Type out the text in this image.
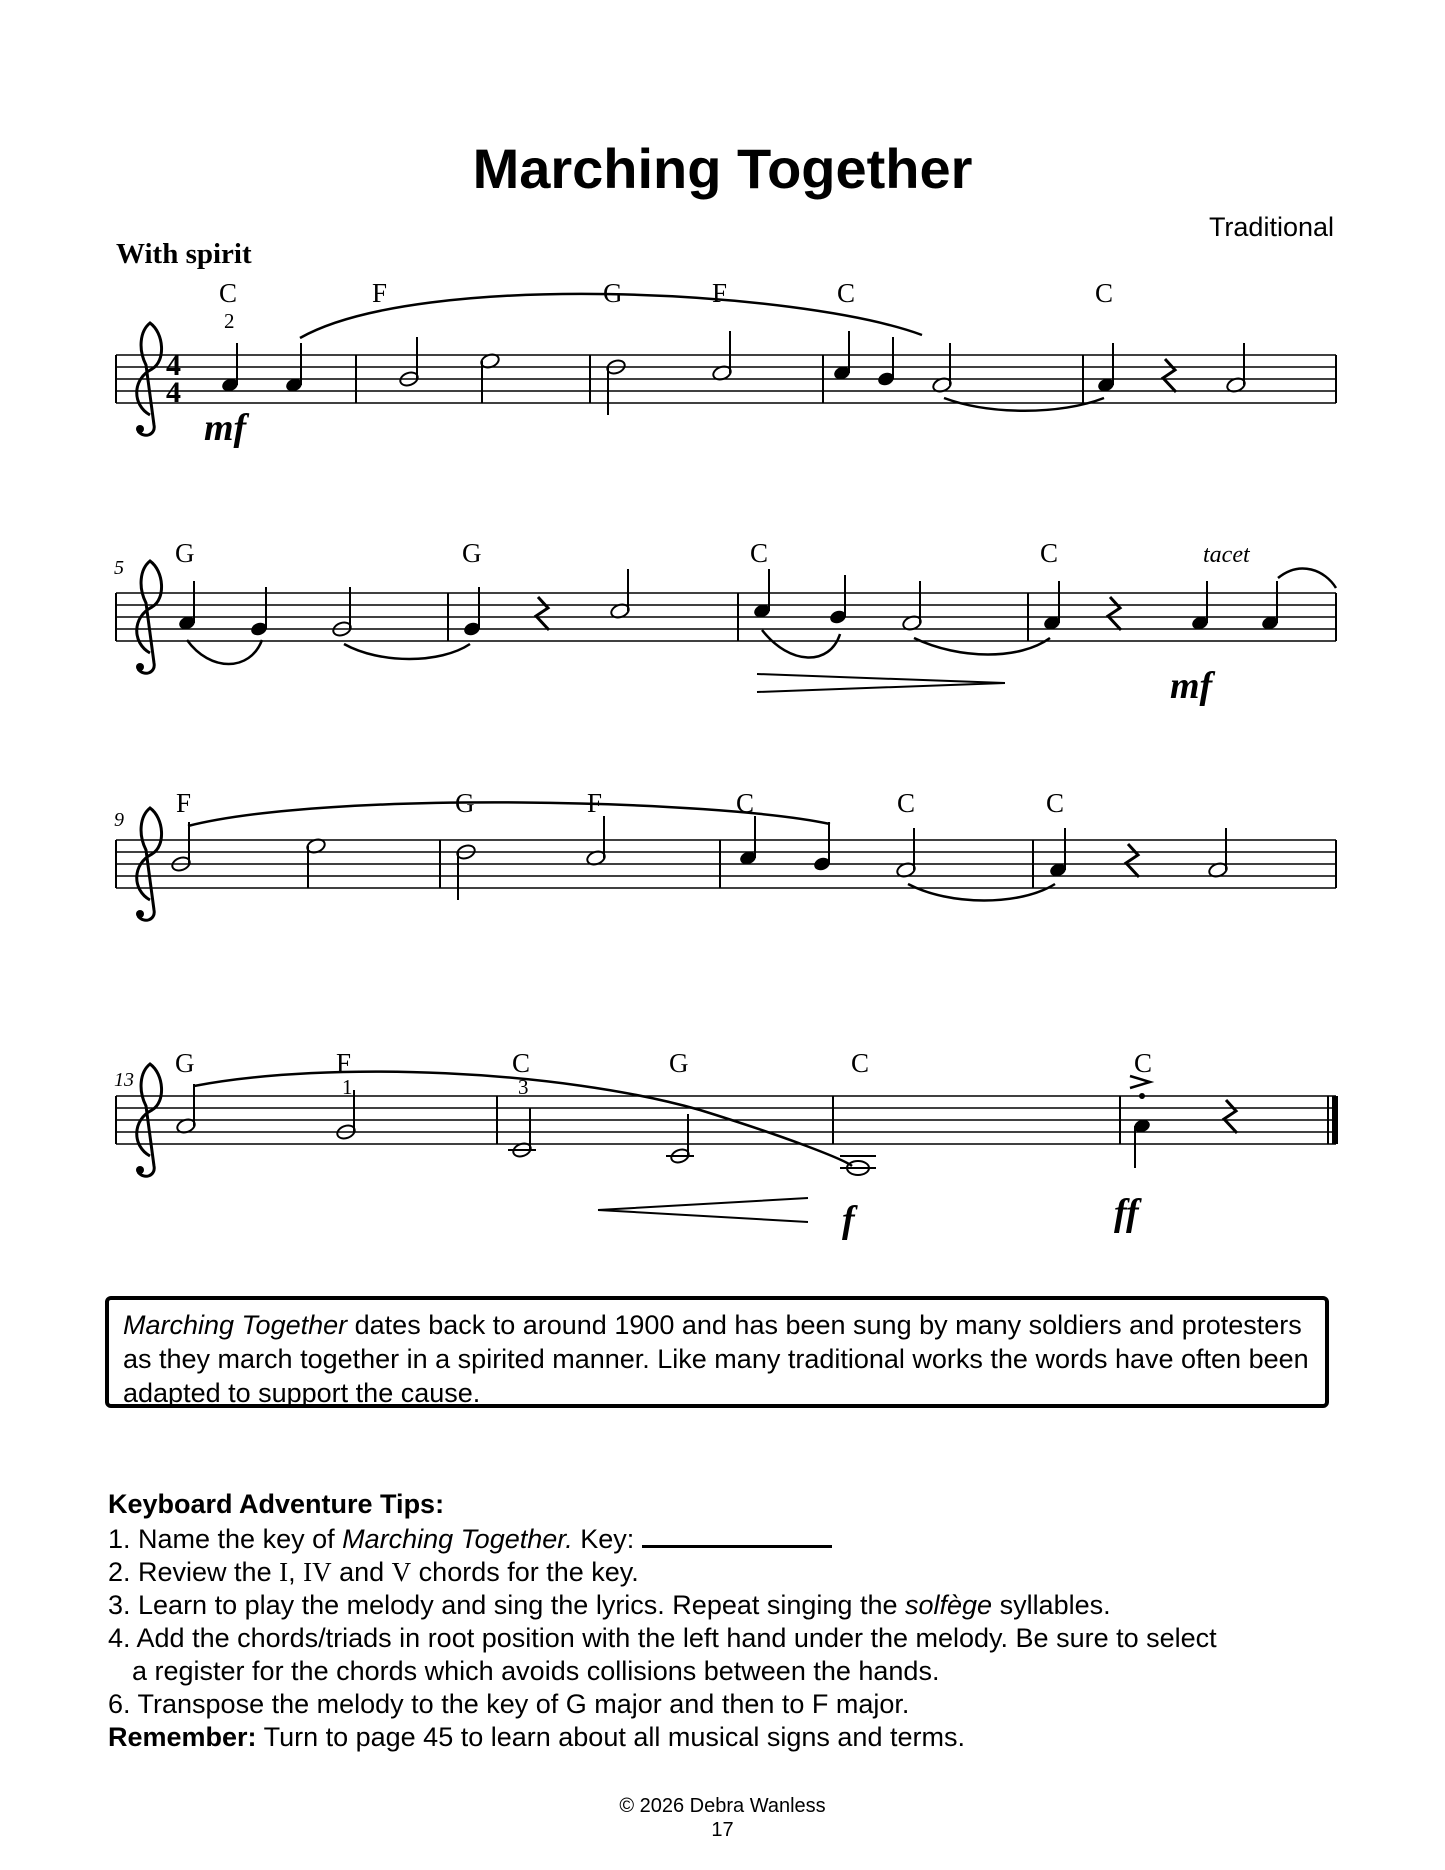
Marching Together
Traditional
With spirit
4
4
C	F	G	F	C	C
2
mf
5 G	G	C	C	tacet
mf
9
F	G	F	C	C	C
13
G	F	C	G	C	C
1	3
f	ff
Marching Together dates back to around 1900 and has been sung by many soldiers and protesters as they march together in a spirited manner. Like many traditional works the words have often been adapted to support the cause.
Keyboard Adventure Tips:
1. Name the key of Marching Together. Key:
2. Review the I, IV and V chords for the key.
3. Learn to play the melody and sing the lyrics. Repeat singing the solfège syllables.
4. Add the chords/triads in root position with the left hand under the melody. Be sure to select
a register for the chords which avoids collisions between the hands.
6. Transpose the melody to the key of G major and then to F major.
Remember: Turn to page 45 to learn about all musical signs and terms.
© 2026 Debra Wanless
17
